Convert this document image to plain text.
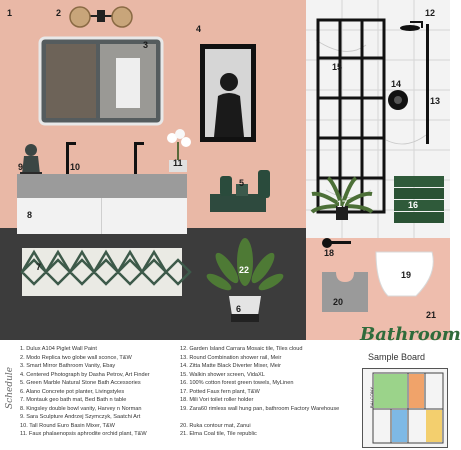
1	2
3
4
5
6
7
8
9	10	11
12
13
14
15
16
17
18
19
20
21
22
Schedule
1. Dulux A104 Piglet Wall Paint
2. Modo Replica two globe wall sconce, T&W
3. Smart Mirror Bathroom Vanity, Ebay
4. Centered Photograph by Dasha Petrov, Art Finder
5. Green Marble Natural Stone Bath Accessories
6. Alano Concrete pot planter, Livingstyles
7. Montauk geo bath mat, Bed Bath n table
8. Kingsley double bowl vanity, Harvey n Norman
9. Sara Sculpture Andrzej Szymczyk, Saatchi Art
10. Tall Round Euro Basin Mixer, T&W
11. Faux phalaenopsis aphrodite orchid plant, T&W
12. Garden Island Carrara Mosaic tile, Tiles cloud
13. Round Combination shower rail, Meir
14. Zitta Matte Black Diverter Mixer, Meir
15. Walkin shower screen, VidaXL
16. 100% cotton forest green towels, MyLinen
17. Potted Faux fern plant, T&W
18. Mili Vori toilet roller holder
19. Zara60 rimless wall hung pan, bathroom Factory Warehouse
20. Ruka contour mat, Zanui
21. Elma Coal tile, Tile republic
Bathroom
Sample Board
BALCONY
